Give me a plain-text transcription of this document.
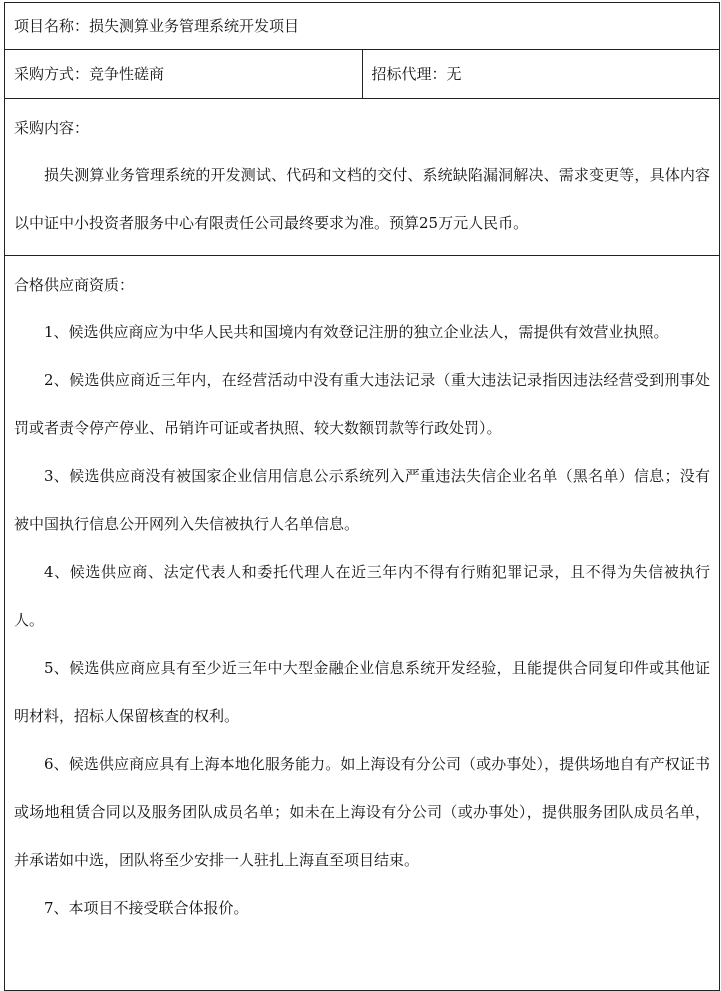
项目名称：损失测算业务管理系统开发项目
采购方式：竞争性磋商	招标代理：无

采购内容：

损失测算业务管理系统的开发测试、代码和文档的交付、系统缺陷漏洞解决、需求变更等，具体内容以中证中小投资者服务中心有限责任公司最终要求为准。预算25万元人民币。

合格供应商资质：

1、候选供应商应为中华人民共和国境内有效登记注册的独立企业法人，需提供有效营业执照。

2、候选供应商近三年内，在经营活动中没有重大违法记录（重大违法记录指因违法经营受到刑事处罚或者责令停产停业、吊销许可证或者执照、较大数额罚款等行政处罚）。

3、候选供应商没有被国家企业信用信息公示系统列入严重违法失信企业名单（黑名单）信息；没有被中国执行信息公开网列入失信被执行人名单信息。

4、候选供应商、法定代表人和委托代理人在近三年内不得有行贿犯罪记录，且不得为失信被执行人。

5、候选供应商应具有至少近三年中大型金融企业信息系统开发经验，且能提供合同复印件或其他证明材料，招标人保留核查的权利。

6、候选供应商应具有上海本地化服务能力。如上海设有分公司（或办事处），提供场地自有产权证书或场地租赁合同以及服务团队成员名单；如未在上海设有分公司（或办事处），提供服务团队成员名单，并承诺如中选，团队将至少安排一人驻扎上海直至项目结束。

7、本项目不接受联合体报价。
